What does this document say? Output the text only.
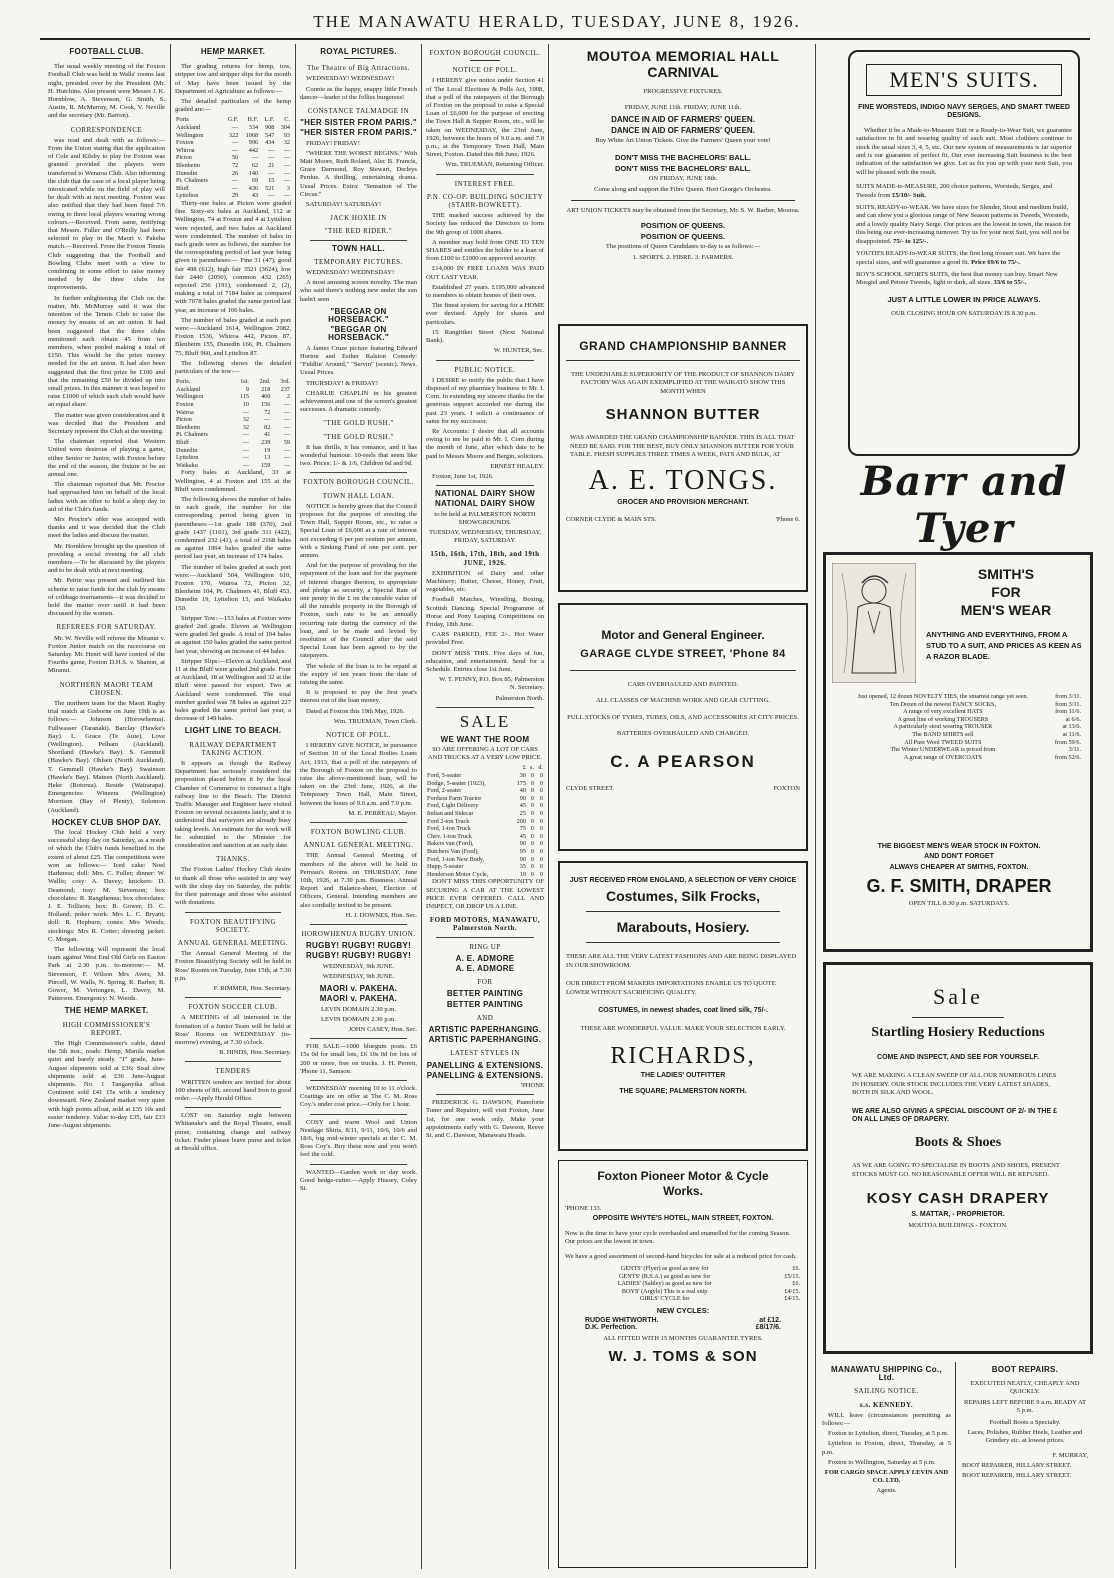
THE MANAWATU HERALD, TUESDAY, JUNE 8, 1926.
FOOTBALL CLUB.

The usual weekly meeting of the Foxton Football Club was held in Walls' rooms last night, presided over by the President (Mr. H. Hutchins. Also present were Messrs J. K. Hornblow, A. Stevenson, G. Smith, S. Austin, R. McMurray, M. Cook, V. Neville and the secretary (Mr. Barron).

CORRESPONDENCE

was read and dealt with as follows:— From the Union stating that the application of Cole and Kilsby to play for Foxton was granted provided the players were transferred to Weraroa Club. Also informing the club that the case of a local player being intoxicated while on the field of play will be dealt with at next meeting. Foxton was also notified that they had been fined 7/6 owing to three local players wearing wrong colours.—Received. From same, notifying that Messrs. Fuller and O'Reilly had been selected to play in the Maori v. Pakeha match.—Received. From the Foxton Tennis Club suggesting that the Football and Bowling Clubs meet with a view to combining in some effort to raise money needed by the three clubs for improvements.

In further enlightening the Club on the matter, Mr. McMurray said it was the intention of the Tennis Club to raise the money by means of an art union. It had been suggested that the three clubs mentioned each obtain 45 from ten members, when pooled making a total of £150. This would be the prize money needed for the art union. It had also been suggested that the first prize be £100 and that the remaining £50 be divided up into small prizes. In this manner it was hoped to raise £1000 of which each club would have an equal share.

The matter was given consideration and it was decided that the President and Secretary represent the Club at the meeting.

The chairman reported that Western United were desirous of playing a game, either Senior or Junior, with Foxton before the end of the season, the fixture to be an annual one.

The chairman reported that Mr. Proctor had approached him on behalf of the local ladies with an offer to hold a shop day in aid of the Club's funds.

Mrs Proctor's offer was accepted with thanks and it was decided that the Club meet the ladies and discuss the matter.

Mr. Hornblow brought up the question of providing a social evening for all club members.—To be discussed by the players and to be dealt with at next meeting.

Mr. Petrie was present and outlined his scheme to raise funds for the club by means of cribbage tournaments—it was decided to hold the matter over until it had been discussed by the women.

REFEREES FOR SATURDAY.

Mr. W. Neville will referee the Miranui v. Foxton Junior match on the racecourse on Saturday. Mr. Henri will have control of the Fourths game, Foxton D.H.S. v. Shanon, at Miranui.

NORTHERN MAORI TEAM CHOSEN.

The northern team for the Maori Rugby trial match at Gisborne on June 19th is as follows:— Johnson (Horowhenua). Fullwasser (Taranaki). Barclay (Hawke's Bay). L. Grace (Te Aute). Love (Wellington). Pelham (Auckland). Shortland (Hawke's Bay). S. Gemmell (Hawke's Bay). Ohlsen (North Auckland). T. Gemmell (Hawke's Bay). Swainson (Hawke's Bay). Mateen (North Auckland). Heke (Rotorua). Reside (Wairarapa). Emergencies: Wineera (Wellington) Morrison (Bay of Plenty), Solomon (Auckland).

HOCKEY CLUB SHOP DAY.

The local Hockey Club held a very successful shop day on Saturday, as a result of which the Club's funds benefited to the extent of about £25. The competitions were won as follows:— Iced cake: Noel Harkness; doll: Mrs. C. Fuller; dinner: W. Wallis; cosy: A. Davey; knickers: D. Desmond; tray: M. Stevenson; box chocolates: R. Rangihenea; box chocolates: J. E. Tollison; box: B. Gower; D. C. Holland; poker work: Mrs L. C. Bryant; doll: R. Hepburn; cones: Mrs Woods; stockings: Mrs R. Cotter; dressing jacket: C. Morgan.

The following will represent the local team against West End Old Girls on Easton Park at 2.30 p.m. to-morrow:— M. Stevenson, F. Wilson Mrs Avers, M. Purcell, W. Walls, N. Spring, R. Barber, B. Gower, M. Vertongen, L. Davey, M. Patterson. Emergency: N. Woods.

THE HEMP MARKET.
HIGH COMMISSIONER'S REPORT.

The High Commissioner's cable, dated the 5th inst., reads: Hemp, Manila market quiet and barely steady. "J" grade, June-August shipments sold at £36; Sisal slow shipments sold at £36 June-August shipments. No. 1 Tanganyika afloat Continent sold £41 15s with a tendency downward. New Zealand market very quiet with high points afloat, sold at £35 10s and easier tendency. Value to-day £35, fair £33 June-August shipments.

HEMP MARKET.

The grading returns for hemp, tow, stripper tow and stripper slips for the month of May have been issued by the Department of Agriculture as follows:—

The detailed particulars of the hemp graded are:—

Ports	G.F.	H.F.	L.F.	C.
Auckland	—	334	908	304
Wellington	322	1068	547	93
Foxton	—	996	434	32
Whiroa	—	442	—	—
Picton	56	—	—	—
Blenheim	72	62	21	—
Dunedin	26	140	—	—
Pt. Chalmers	—	69	15	—
Bluff	—	436	521	3
Lyttelton	29	43	—	—

Thirty-one bales at Picton were graded fine. Sixty-six bales at Auckland, 112 at Wellington, 74 at Foxton and 4 at Lyttelton were rejected, and two bales at Auckland were condemned. The number of bales in each grade were as follows, the number for the corresponding period of last year being given in parentheses:— Fine 31 (47), good fair 498 (612), high fair 3521 (3624), low fair 2440 (2050), common 432 (265) rejected 256 (191), condemned 2, (2), making a total of 7184 bales as compared with 7078 bales graded the same period last year, an increase of 106 bales.

The number of bales graded at each port were:—Auckland 1614, Wellington 2082, Foxton 1536, Whiroa 442, Picton 87, Blenheim 155, Dunedin 166, Pt. Chalmers 75, Bluff 960, and Lyttelton 87.

The following shows the detailed particulars of the tow:—

Ports.	1st.	2nd.	3rd.
Auckland	9	218	237
Wellington	115	460	2
Foxton	10	156	—
Wairoa	—	72	—
Picton	32	—	—
Blenheim	32	82	—
Pt. Chalmers	—	41	—
Bluff	—	239	59
Dunedin	—	19	—
Lyttelton	—	13	—
Waikaku	—	159	—

Forty bales at Auckland, 33 at Wellington, 4 at Foxton and 155 at the Bluff were condemned.

The following shows the number of bales in each grade, the number for the corresponding period being given in parentheses:—1st grade 188 (370), 2nd grade 1437 (1161), 3rd grade 311 (422), condemned 232 (41), a total of 2168 bales as against 1994 bales graded the same period last year, an increase of 174 bales.

The number of bales graded at each port were:—Auckland 504, Wellington 610, Foxton 170, Wairoa 72, Picton 32, Blenheim 104, Pt. Chalmers 41, Bluff 453, Dunedin 19, Lyttelton 13, and Waikaku 150.

Stripper Tow:—153 bales at Foxton were graded 2nd grade. Eleven at Wellington were graded 3rd grade. A total of 194 bales as against 150 bales graded the same period last year, showing an increase of 44 bales.

Stripper Slips:—Eleven at Auckland, and 11 at the Bluff were graded 2nd grade. Four at Auckland, 18 at Wellington and 32 at the Bluff were passed for export. Two at Auckland were condemned. The total number graded was 78 bales as against 227 bales graded the same period last year, a decrease of 149 bales.

LIGHT LINE TO BEACH.
RAILWAY DEPARTMENT TAKING ACTION.

It appears as though the Railway Department has seriously considered the proposition placed before it by the local Chamber of Commerce to construct a light railway line to the Beach. The District Traffic Manager and Engineer have visited Foxton on several occasions lately, and it is understood that surveyors are already busy taking levels. An estimate for the work will be submitted to the Minister for consideration and sanction at an early date.

THANKS.

The Foxton Ladies' Hockey Club desire to thank all those who assisted in any way with the shop day on Saturday, the public for their patronage and those who assisted with donations.

FOXTON BEAUTIFYING SOCIETY.
ANNUAL GENERAL MEETING.

The Annual General Meeting of the Foxton Beautifying Society will be held in Ross' Rooms on Tuesday, June 15th, at 7.30 p.m.

F. RIMMER, Hon. Secretary.

FOXTON SOCCER CLUB.

A MEETING of all interested in the formation of a Junior Team will be held at Ross' Rooms on WEDNESDAY (to-morrow) evening, at 7.30 o'clock.

B. HINDS, Hon. Secretary.

TENDERS

WRITTEN tenders are invited for about 100 sheets of 8ft. second hand Iron in good order.—Apply Herald Office.

LOST on Saturday night between Whitanake's and the Royal Theatre, small purse, containing change and railway ticket. Finder please leave purse and ticket at Herald office.

ROYAL PICTURES.
The Theatre of Big Attractions.

WEDNESDAY! WEDNESDAY!

Connie as the happy, snappy little French dancer—leader of the follies burgeress!

CONSTANCE TALMADGE IN
"HER SISTER FROM PARIS."
"HER SISTER FROM PARIS."

FRIDAY! FRIDAY!

"WHERE THE WORST BEGINS." With Matt Moore, Ruth Roland, Alec B. Francis, Grace Darmond, Roy Stewart, Derleys Perdue. A thrilling, entertaining drama. Usual Prices. Extra: "Sensation of The Circus."

SATURDAY! SATURDAY!

JACK HOXIE IN
"THE RED RIDER."
TOWN HALL.
TEMPORARY PICTURES.

WEDNESDAY! WEDNESDAY!

A most amusing screen novelty. The man who said there's nothing new under the sun hadn't seen

"BEGGAR ON HORSEBACK."
"BEGGAR ON HORSEBACK."

A James Cruze picture featuring Edward Horton and Esther Ralston Comedy: "Fiddlin' Around," "Servin" (scenic). News. Usual Prices.

THURSDAY! & FRIDAY!

CHARLIE CHAPLIN in his greatest achievement and one of the screen's greatest successes. A dramatic comedy.

"THE GOLD RUSH."
"THE GOLD RUSH."

It has thrills, it has romance, and it has wonderful humour. 10-reels that seem like two. Prices: 1/- & 1/6, Children 6d and 9d.

FOXTON BOROUGH COUNCIL.
TOWN HALL LOAN.

NOTICE is hereby given that the Council proposes for the purpose of erecting the Town Hall, Supper Room, etc., to raise a Special Loan of £6,000 at a rate of interest not exceeding 6 per per centum per annum, with a Sinking Fund of one per cent. per annum.

And for the purpose of providing for the repayment of the loan and for the payment of interest charges thereon, to appropriate and pledge as security, a Special Rate of one penny in the £ on the rateable value of all the rateable property in the Borough of Foxton, such rate to be an annually recurring rate during the currency of the loan, and to be made and levied by resolution of the Council after the said Special Loan has been agreed to by the ratepayers.

The whole of the loan is to be repaid at the expiry of ten years from the date of raising the same.

It is proposed to pay the first year's interest out of the loan money.

Dated at Foxton this 19th May, 1926.

Wm. TRUEMAN, Town Clerk.

NOTICE OF POLL.

I HEREBY GIVE NOTICE, in pursuance of Section 10 of the Local Bodies Loans Act, 1913, that a poll of the ratepayers of the Borough of Foxton on the proposal to raise the above-mentioned loan, will be taken on the 23rd June, 1926, at the Temporary Town Hall, Main Street, between the hours of 9.0 a.m. and 7.0 p.m.

M. E. PERREAU, Mayor.

FOXTON BOWLING CLUB.
ANNUAL GENERAL MEETING.

THE Annual General Meeting of members of the above will be held in Perreau's Rooms on THURSDAY, June 10th, 1926, at 7.30 p.m. Business: Annual Report and Balance-sheet, Election of Officers, General. Intending members are also cordially invited to be present.

H. J. DOWNES, Hon. Sec.

HOROWHENUA RUGBY UNION.
RUGBY! RUGBY! RUGBY!
RUGBY! RUGBY! RUGBY!

WEDNESDAY, 9th JUNE.

WEDNESDAY, 9th JUNE.

MAORI v. PAKEHA.
MAORI v. PAKEHA.

LEVIN DOMAIN 2.30 p.m.

LEVIN DOMAIN 2.30 p.m.

JOHN CASEY, Hon. Sec.

FOR SALE—1000 bluegum posts. £6 15s 0d for small lots, £6 10s 0d for lots of 200 or more, free on trucks. J. H. Perrett, 'Phone 11, Samson.

WEDNESDAY morning 10 to 11 o'clock. Coatings are on offer at The C. M. Ross Coy.'s under cost price.—Only for 1 hour.

COSY and warm Wool and Union Nestlage Shirts, 8/11, 9/11, 10/6, 10/6 and 18/6, big mid-winter specials at the C. M. Ross Coy's. Buy these now and you won't feel the cold.

WANTED—Garden work or day work. Good hedge-cutter.—Apply Hussey, Coley St.

FOXTON BOROUGH COUNCIL.
NOTICE OF POLL.

I HEREBY give notice under Section 41 of The Local Elections & Polls Act, 1908, that a poll of the ratepayers of the Borough of Foxton on the proposal to raise a Special Loan of £6,000 for the purpose of erecting the Town Hall & Supper Room, etc., will be taken on WEDNESDAY, the 23rd June, 1926, between the hours of 9.0 a.m. and 7.0 p.m., at the Temporary Town Hall, Main Street, Foxton. Dated this 8th June, 1926.

Wm. TRUEMAN, Returning Officer.

INTEREST FREE.
P.N. CO-OP. BUILDING SOCIETY (STARR-BOWKETT).

THE marked success achieved by the Society has reduced the Directors to form the 9th group of 1000 shares.

A member may hold from ONE TO TEN SHARES and entitles the holder to a loan of from £100 to £1000 on approved security.

£14,000 IN FREE LOANS WAS PAID OUT LAST YEAR.

Established 27 years. £195,000 advanced to members to obtain homes of their own.

The finest system for saving for a HOME ever devised. Apply for shares and particulars.

15 Rangitikei Street (Next National Bank).

W. HUNTER, Sec.

PUBLIC NOTICE.

I DESIRE to notify the public that I have disposed of my pharmacy business to Mr. I. Corn. In extending my sincere thanks for the generous support accorded me during the past 23 years. I solicit a continuance of same for my successor.

Re Accounts: I desire that all accounts owing to me be paid to Mr. I. Corn during the month of June, after which date to be paid to Messrs Moore and Bergin, solicitors.

ERNEST HEALEY.

Foxton, June 1st, 1926.

NATIONAL DAIRY SHOW
NATIONAL DAIRY SHOW

to be held at PALMERSTON NORTH SHOWGROUNDS.

TUESDAY, WEDNESDAY, THURSDAY, FRIDAY, SATURDAY.

15th, 16th, 17th, 18th, and 19th JUNE, 1926.

EXHIBITION of Dairy and other Machinery; Butter, Cheese, Honey, Fruit, vegetables, etc.

Football Matches, Wrestling, Boxing, Scottish Dancing. Special Programme of Horse and Pony Leaping Competitions on Friday, 18th June.

CARS PARKED, FEE 2/-. Hot Water provided Free.

DON'T MISS THIS. Five days of fun, education, and entertainment. Send for a Schedule. Entries close 1st June.

W. T. PENNY, P.O. Box 85, Palmerston N. Secretary.

Palmerston North.

SALE
WE WANT THE ROOM

SO ARE OFFERING A LOT OF CARS AND TRUCKS AT A VERY LOW PRICE.

	£	s.	d.
Ford, 5-seater	30	0	0
Dodge, 5-seater (1923),	175	0	0
Ford, 2-seater	40	0	0
Fordson Farm Tractor	90	0	0
Ford, Light Delivery	45	0	0
Indian and Sidecar	25	0	0
Ford 2-ton Truck	200	0	0
Ford, 1-ton Truck	75	0	0
Chev. 1-ton Truck	45	0	0
Bakers van (Ford),	90	0	0
Butchers Van (Ford),	95	0	0
Ford, 1-ton New Body,	90	0	0
Hupp, 5-seater	35	0	0
Henderson Motor Cycle,	10	0	0

DON'T MISS THIS OPPORTUNITY OF SECURING A CAR AT THE LOWEST PRICE EVER OFFERED. CALL AND INSPECT, OR DROP US A LINE.

FORD MOTORS, MANAWATU, Palmerston North.
RING UP
A. E. ADMORE
A. E. ADMORE
FOR
BETTER PAINTING
BETTER PAINTING
AND
ARTISTIC PAPERHANGING.
ARTISTIC PAPERHANGING.
LATEST STYLES IN
PANELLING & EXTENSIONS.
PANELLING & EXTENSIONS.

'PHONE

FREDERICK G. DAWSON, Pianoforte Tuner and Repairer, will visit Foxton, June 1st, for one week only. Make your appointments early with G. Dawson, Reeve St. and C. Dawson, Manawatu Heads.

MOUTOA MEMORIAL HALL
CARNIVAL

PROGRESSIVE FIXTURES.

FRIDAY, JUNE 11th. FRIDAY, JUNE 11th.

DANCE IN AID OF FARMERS' QUEEN.

DANCE IN AID OF FARMERS' QUEEN.

Buy White Art Union Tickets. Give the Farmers' Queen your vote!

DON'T MISS THE BACHELORS' BALL.

DON'T MISS THE BACHELORS' BALL.

ON FRIDAY, JUNE 18th.

Come along and support the Fibre Queen. Hori George's Orchestra.

ART UNION TICKETS may be obtained from the Secretary, Mr. S. W. Barber, Moutoa.

POSITION OF QUEENS.

POSITION OF QUEENS.

The positions of Queen Candidates to-day is as follows:—

1. SPORTS. 2. FIBRE. 3. FARMERS.

GRAND CHAMPIONSHIP BANNER

THE UNDENIABLE SUPERIORITY OF THE PRODUCT OF SHANNON DAIRY FACTORY WAS AGAIN EXEMPLIFIED AT THE WAIKATO SHOW THIS MONTH WHEN

SHANNON BUTTER

WAS AWARDED THE GRAND CHAMPIONSHIP BANNER. THIS IS ALL THAT NEED BE SAID. FOR THE BEST, BUY ONLY SHANNON BUTTER FOR YOUR TABLE. FRESH SUPPLIES THREE TIMES A WEEK, PATS AND BULK, AT

A. E. TONGS.

GROCER AND PROVISION MERCHANT.

CORNER CLYDE & MAIN STS.	'Phone 6.

Motor and General Engineer.
GARAGE CLYDE STREET, 'Phone 84

CARS OVERHAULED AND PAINTED.

ALL CLASSES OF MACHINE WORK AND GEAR CUTTING.

FULL STOCKS OF TYRES, TUBES, OILS, AND ACCESSORIES AT CITY PRICES.

BATTERIES OVERHAULED AND CHARGED.

C. A PEARSON

CLYDE STREET.	FOXTON

JUST RECEIVED FROM ENGLAND, A SELECTION OF VERY CHOICE

Costumes, Silk Frocks,
Marabouts, Hosiery.

THESE ARE ALL THE VERY LATEST FASHIONS AND ARE BEING DISPLAYED IN OUR SHOWROOM.

OUR DIRECT FROM MAKERS IMPORTATIONS ENABLE US TO QUOTE LOWER WITHOUT SACRIFICING QUALITY.

COSTUMES, in newest shades, coat lined silk, 75/-.

THESE ARE WONDERFUL VALUE. MAKE YOUR SELECTION EARLY.

RICHARDS,

THE LADIES' OUTFITTER

THE SQUARE; PALMERSTON NORTH.

Foxton Pioneer Motor & Cycle
Works.

'PHONE 133.

OPPOSITE WHYTE'S HOTEL, MAIN STREET, FOXTON.

Now is the time to have your cycle overhauled and enamelled for the coming Season. Our prices are the lowest in town.

We have a good assortment of second-hand bicycles for sale at a reduced price for cash.

GENTS' (Flyer) as good as new for	£6.
GENTS' (B.S.A.) as good as new for	£5/15.
LADIES' (Saltley) as good as new for	£6.
BOYS' (Argyle) This is a real snip	£4/15.
GIRLS' CYCLE for	£4/15.

NEW CYCLES:

RUDGE WHITWORTH.	at £12.
D.K. Perfection.	£8/17/6.

ALL FITTED WITH 15 MONTHS GUARANTEE TYRES.

W. J. TOMS & SON
MEN'S SUITS.

FINE WORSTEDS, INDIGO NAVY SERGES, AND SMART TWEED DESIGNS.

Whether it be a Made-to-Measure Suit or a Ready-to-Wear Suit, we guarantee satisfaction in fit and wearing quality of each suit. Most clothiers continue to stock the usual sizes 3, 4, 5, etc. Our new system of measurements is far superior and is our guarantee of perfect fit. Our ever increasing Suit business is the best indication of the satisfaction we give. Let us fix you up with your next Suit, you will be pleased with the result.

SUITS MADE-to-MEASURE, 200 choice patterns, Worsteds, Serges, and Tweeds from £5/10/- Suit.

SUITS, READY-to-WEAR. We have sizes for Slender, Stout and medium build, and can show you a glorious range of New Season patterns in Tweeds, Worsteds, and a lovely quality Navy Serge. Our prices are the lowest in town, the reason for this being our ever-increasing turnover. Try us for your next Suit, you will not be disappointed. 75/- to 125/-.

YOUTH'S READY-to-WEAR SUITS, the first long trouser suit. We have the special sizes, and will guarantee a good fit. Price 69/6 to 75/-.

BOY'S SCHOOL SPORTS SUITS, the best that money can buy. Smart New Mosgiel and Petone Tweeds, light or dark, all sizes. 33/6 to 55/-.

JUST A LITTLE LOWER IN PRICE ALWAYS.

OUR CLOSING HOUR ON SATURDAY IS 8.30 p.m.

Barr and Tyer
SMITH'S
FOR
MEN'S WEAR

ANYTHING AND EVERYTHING, FROM A STUD TO A SUIT, AND PRICES AS KEEN AS A RAZOR BLADE.

Just opened, 12 dozen NOVELTY TIES, the smartest range yet seen.	from 3/11.
Ten Dozen of the newest FANCY SOCKS,	from 3/11.
A range of very excellent HATS	from 11/6.
A great line of working TROUSERS	at 6/6.
A particularly stout wearing TROUSER	at 13/6.
The BAND SHIRTS sell	at 11/6.
All Pure Wool TWEED SUITS	from 59/6.
The Winter UNDERWEAR is priced from	3/11.
A great range of OVERCOATS	from 52/6.

THE BIGGEST MEN'S WEAR STOCK IN FOXTON.

AND DON'T FORGET

ALWAYS CHEAPER AT SMITHS, FOXTON.

G. F. SMITH, DRAPER

OPEN TILL 8.30 p.m. SATURDAYS.

Sale
Startling Hosiery Reductions

COME AND INSPECT, AND SEE FOR YOURSELF.

WE ARE MAKING A CLEAN SWEEP OF ALL OUR NUMEROUS LINES IN HOSIERY. OUR STOCK INCLUDES THE VERY LATEST SHADES, BOTH IN SILK AND WOOL.

WE ARE ALSO GIVING A SPECIAL DISCOUNT OF 2/- IN THE £ ON ALL LINES OF DRAPERY.

Boots & Shoes

AS WE ARE GOING TO SPECIALISE IN BOOTS AND SHOES, PRESENT STOCKS MUST GO. NO REASONABLE OFFER WILL BE REFUSED.

KOSY CASH DRAPERY

S. MATTAR, - PROPRIETOR.

MOUTOA BUILDINGS - FOXTON.

MANAWATU SHIPPING Co., Ltd.
SAILING NOTICE.
s.s. KENNEDY.

WILL leave (circumstances permitting as follows:—

Foxton to Lyttelton, direct, Tuesday, at 5 p.m.

Lyttelton to Foxton, direct, Thursday, at 5 p.m.

Foxton to Wellington, Saturday at 5 p.m.

FOR CARGO SPACE APPLY LEVIN AND CO. LTD.

Agents.

BOOT REPAIRS.

EXECUTED NEATLY, CHEAPLY AND QUICKLY.

REPAIRS LEFT BEFORE 9 a.m. READY AT 5 p.m.

Football Boots a Specialty.

Laces, Polishes, Rubber Heels, Leather and Grindery etc. at lowest prices.

F. MURRAY,

BOOT REPAIRER, HILLARY STREET.

BOOT REPAIRER, HILLARY STREET.
